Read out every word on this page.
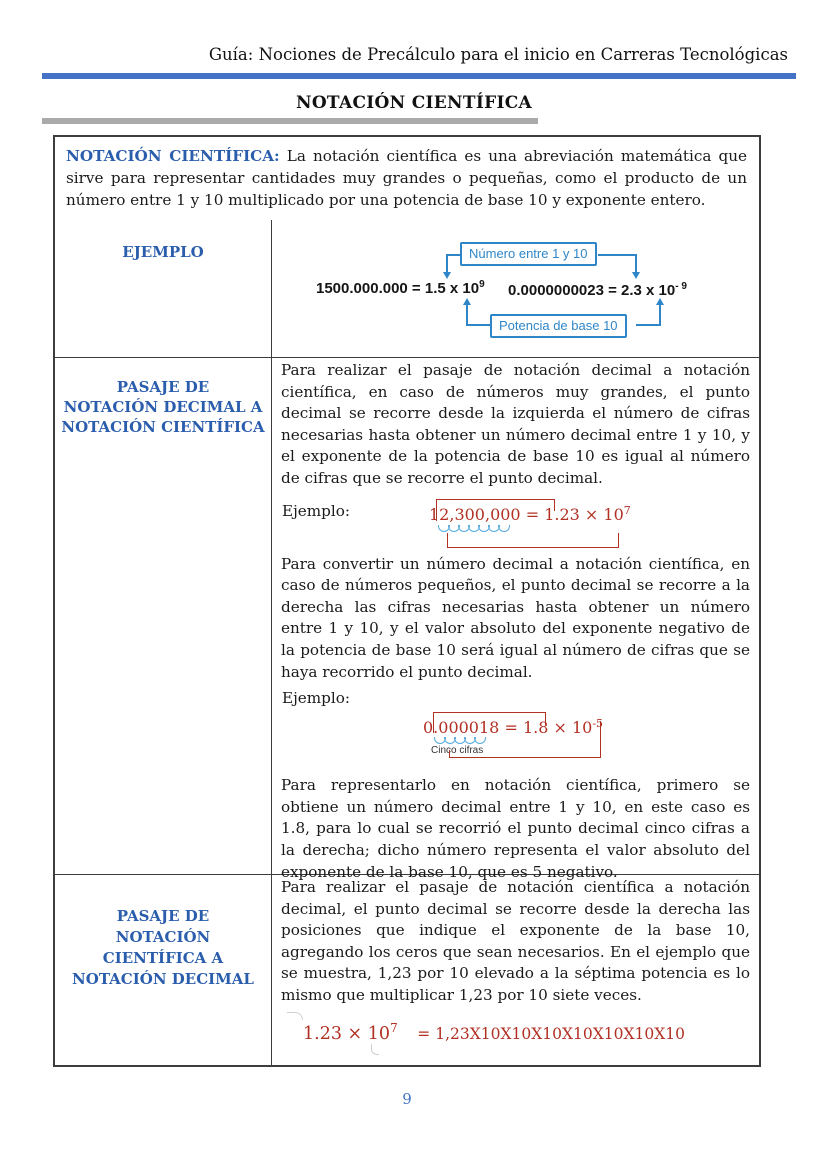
Guía: Nociones de Precálculo para el inicio en Carreras Tecnológicas
NOTACIÓN CIENTÍFICA
NOTACIÓN CIENTÍFICA: La notación científica es una abreviación matemática que sirve para representar cantidades muy grandes o pequeñas, como el producto de un número entre 1 y 10 multiplicado por una potencia de base 10 y exponente entero.
EJEMPLO	Número entre 1 y 10
1500.000.000 = 1.5 x $10^9$ 0.0000000023 = 2.3 x $10^{- 9}$
Potencia de base 10
PASAJE DE
NOTACIÓN DECIMAL A
NOTACIÓN CIENTÍFICA

Para realizar el pasaje de notación decimal a notación científica, en caso de números muy grandes, el punto decimal se recorre desde la izquierda el número de cifras necesarias hasta obtener un número decimal entre 1 y 10, y el exponente de la potencia de base 10 es igual al número de cifras que se recorre el punto decimal.

Ejemplo:	$12,300,000 = 1.23 \times 10^7$

Para convertir un número decimal a notación científica, en caso de números pequeños, el punto decimal se recorre a la derecha las cifras necesarias hasta obtener un número entre 1 y 10, y el valor absoluto del exponente negativo de la potencia de base 10 será igual al número de cifras que se haya recorrido el punto decimal.

Ejemplo:
0.000018
Cinco cifras
= $1.8 \times 10^{-5}$

Para representarlo en notación científica, primero se obtiene un número decimal entre 1 y 10, en este caso es 1.8, para lo cual se recorrió el punto decimal cinco cifras a la derecha; dicho número representa el valor absoluto del exponente de la base 10, que es 5 negativo.

PASAJE DE
NOTACIÓN
CIENTÍFICA A
NOTACIÓN DECIMAL

Para realizar el pasaje de notación científica a notación decimal, el punto decimal se recorre desde la derecha las posiciones que indique el exponente de la base 10, agregando los ceros que sean necesarios. En el ejemplo que se muestra, 1,23 por 10 elevado a la séptima potencia es lo mismo que multiplicar 1,23 por 10 siete veces.

$1.23 \times 10^7 = 1,23X10X10X10X10X10X10X10$
9
